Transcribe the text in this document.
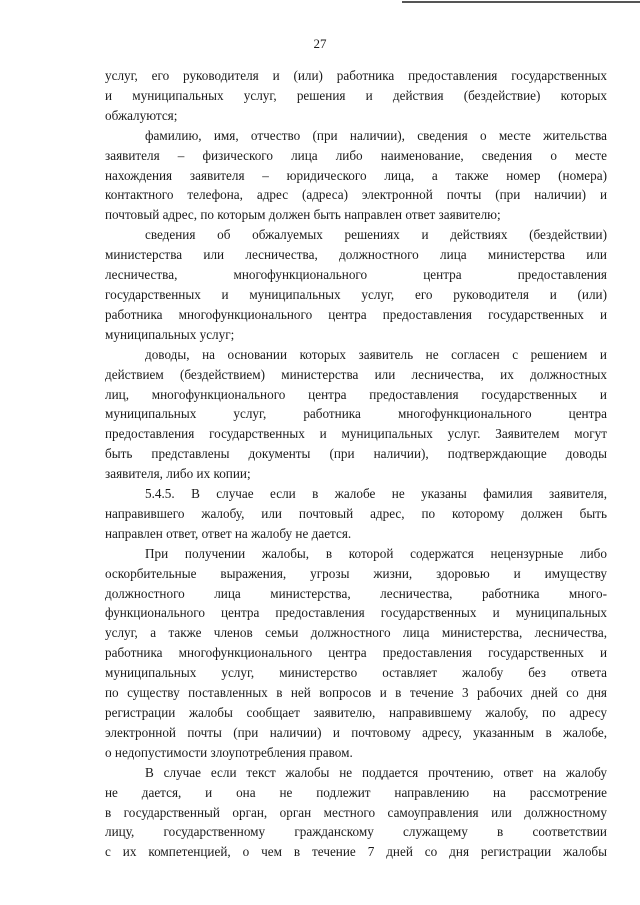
27
услуг, его руководителя и (или) работника предоставления государственных
и муниципальных услуг, решения и действия (бездействие) которых
обжалуются;
фамилию, имя, отчество (при наличии), сведения о месте жительства
заявителя – физического лица либо наименование, сведения о месте
нахождения заявителя – юридического лица, а также номер (номера)
контактного телефона, адрес (адреса) электронной почты (при наличии) и
почтовый адрес, по которым должен быть направлен ответ заявителю;
сведения об обжалуемых решениях и действиях (бездействии)
министерства или лесничества, должностного лица министерства или
лесничества, многофункционального центра предоставления
государственных и муниципальных услуг, его руководителя и (или)
работника многофункционального центра предоставления государственных и
муниципальных услуг;
доводы, на основании которых заявитель не согласен с решением и
действием (бездействием) министерства или лесничества, их должностных
лиц, многофункционального центра предоставления государственных и
муниципальных услуг, работника многофункционального центра
предоставления государственных и муниципальных услуг. Заявителем могут
быть представлены документы (при наличии), подтверждающие доводы
заявителя, либо их копии;
5.4.5. В случае если в жалобе не указаны фамилия заявителя,
направившего жалобу, или почтовый адрес, по которому должен быть
направлен ответ, ответ на жалобу не дается.
При получении жалобы, в которой содержатся нецензурные либо
оскорбительные выражения, угрозы жизни, здоровью и имуществу
должностного лица министерства, лесничества, работника много-
функционального центра предоставления государственных и муниципальных
услуг, а также членов семьи должностного лица министерства, лесничества,
работника многофункционального центра предоставления государственных и
муниципальных услуг, министерство оставляет жалобу без ответа
по существу поставленных в ней вопросов и в течение 3 рабочих дней со дня
регистрации жалобы сообщает заявителю, направившему жалобу, по адресу
электронной почты (при наличии) и почтовому адресу, указанным в жалобе,
о недопустимости злоупотребления правом.
В случае если текст жалобы не поддается прочтению, ответ на жалобу
не дается, и она не подлежит направлению на рассмотрение
в государственный орган, орган местного самоуправления или должностному
лицу, государственному гражданскому служащему в соответствии
с их компетенцией, о чем в течение 7 дней со дня регистрации жалобы
